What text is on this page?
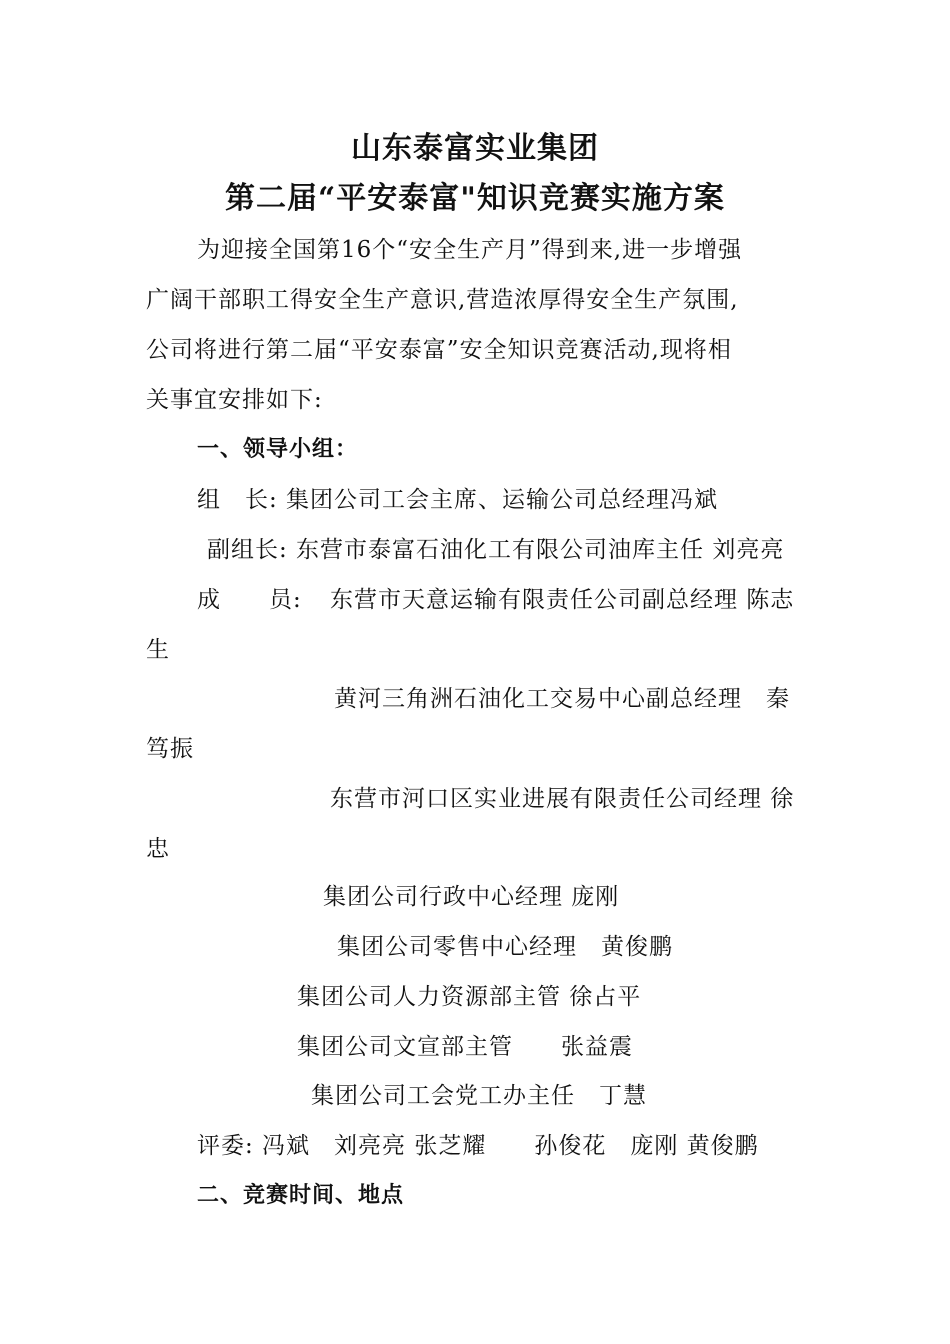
山东泰富实业集团
第二届“平安泰富"知识竞赛实施方案
为迎接全国第16个“安全生产月”得到来,进一步增强
广阔干部职工得安全生产意识,营造浓厚得安全生产氛围,
公司将进行第二届“平安泰富”安全知识竞赛活动,现将相
关事宜安排如下:
一、领导小组：
组　长: 集团公司工会主席、运输公司总经理冯斌
副组长: 东营市泰富石油化工有限公司油库主任 刘亮亮
成　　员: 东营市天意运输有限责任公司副总经理 陈志
生
黄河三角洲石油化工交易中心副总经理　秦
笃振
东营市河口区实业进展有限责任公司经理 徐
忠
集团公司行政中心经理 庞刚
集团公司零售中心经理　黄俊鹏
集团公司人力资源部主管 徐占平
集团公司文宣部主管　　张益震
集团公司工会党工办主任　丁慧
评委: 冯斌　刘亮亮 张芝耀　　孙俊花　庞刚 黄俊鹏
二、竞赛时间、地点
